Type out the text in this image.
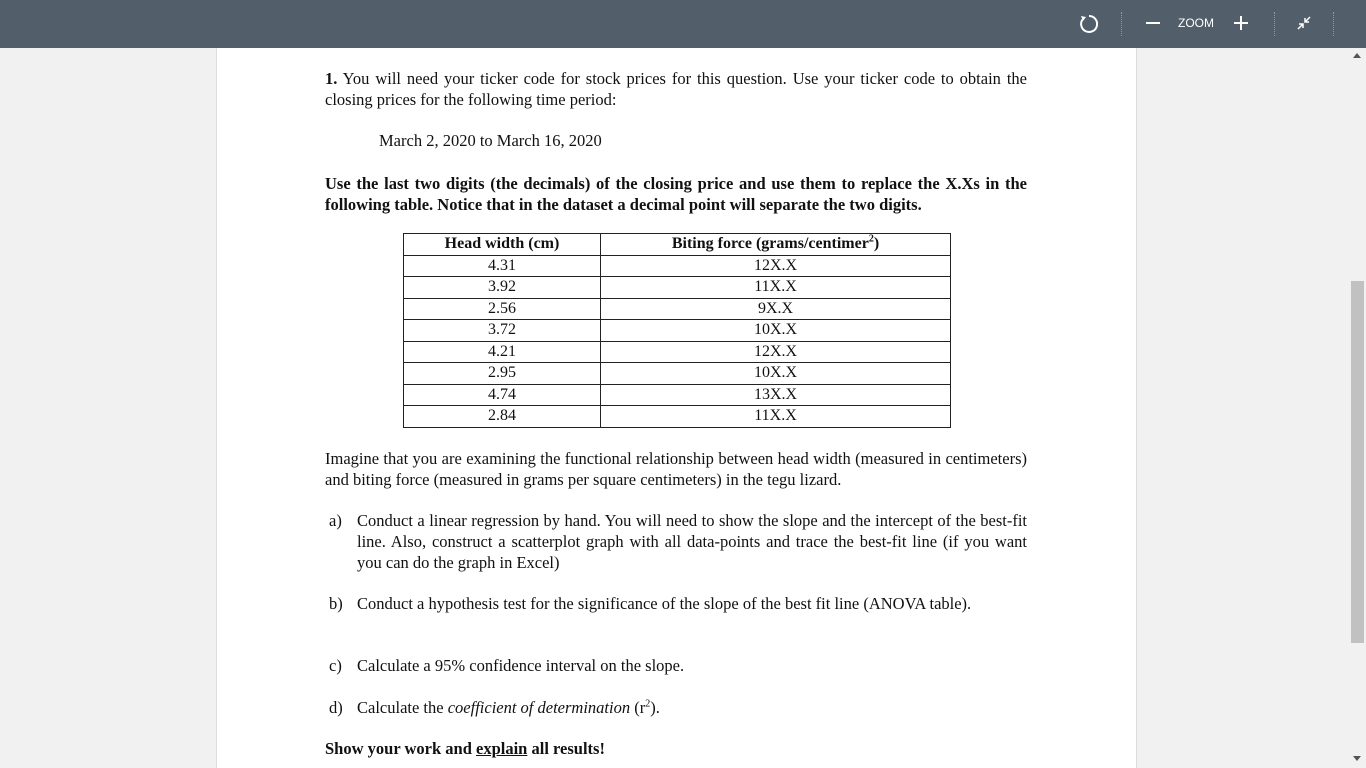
ZOOM

1. You will need your ticker code for stock prices for this question. Use your ticker code to obtain the closing prices for the following time period:

March 2, 2020 to March 16, 2020

Use the last two digits (the decimals) of the closing price and use them to replace the X.Xs in the following table. Notice that in the dataset a decimal point will separate the two digits.

Head width (cm)	Biting force (grams/centimer$^2$)
4.31	12X.X
3.92	11X.X
2.56	9X.X
3.72	10X.X
4.21	12X.X
2.95	10X.X
4.74	13X.X
2.84	11X.X

Imagine that you are examining the functional relationship between head width (measured in centimeters) and biting force (measured in grams per square centimeters) in the tegu lizard.

a) Conduct a linear regression by hand. You will need to show the slope and the intercept of the best-fit line. Also, construct a scatterplot graph with all data-points and trace the best-fit line (if you want you can do the graph in Excel)

b) Conduct a hypothesis test for the significance of the slope of the best fit line (ANOVA table).

c) Calculate a 95% confidence interval on the slope.

d) Calculate the coefficient of determination $(r^2)$.

Show your work and explain all results!
